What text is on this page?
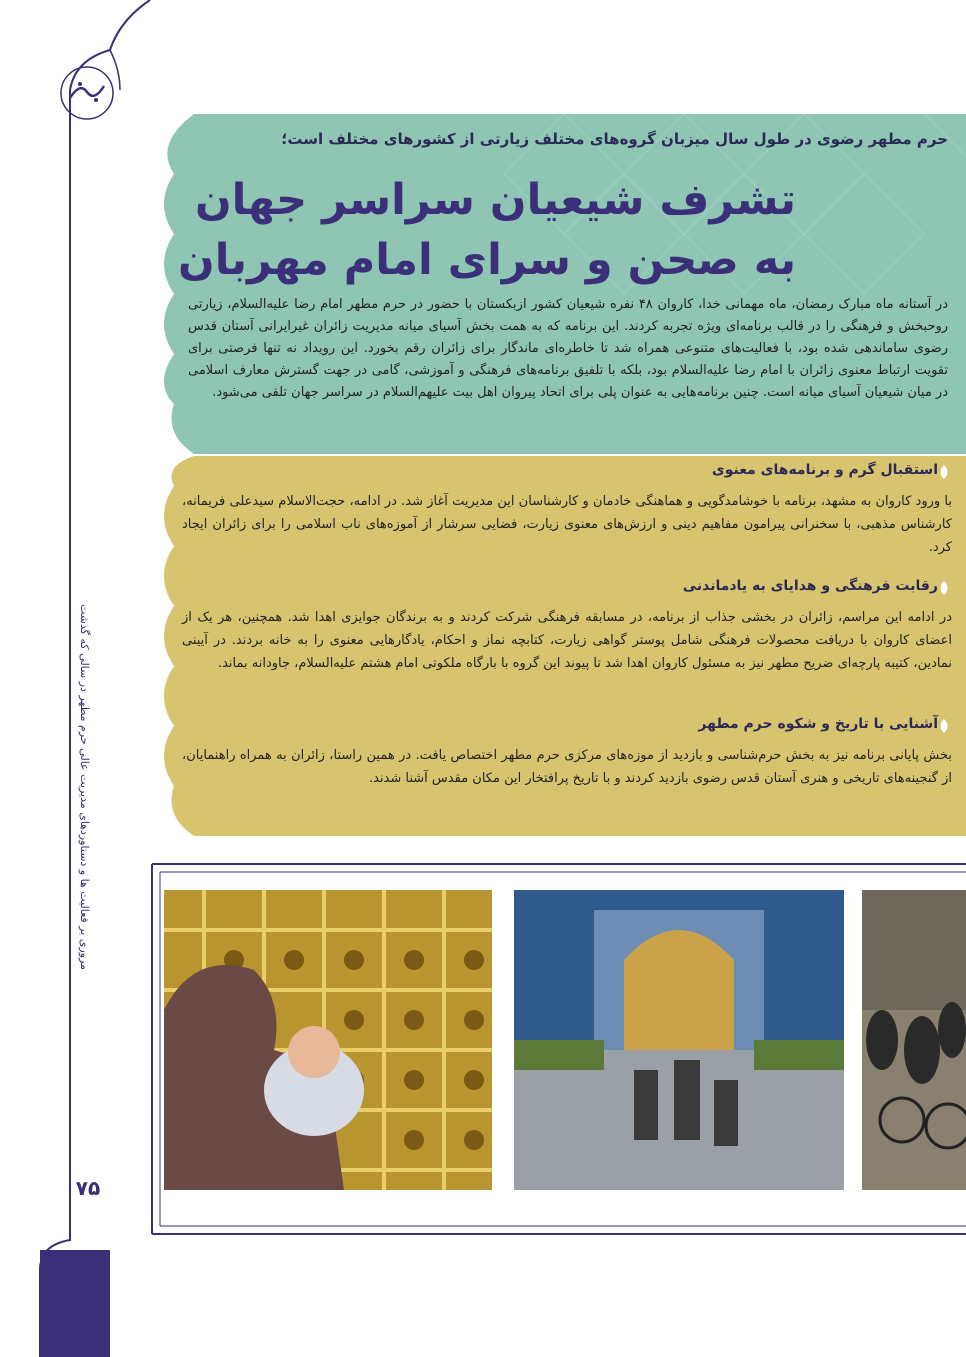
مروری بر فعالیت ها و دستاوردهای مدیریت عالی حرم مطهر در سالی که گذشت
۷۵
حرم مطهر رضوی در طول سال میزبان گروه‌های مختلف زیارتی از کشورهای مختلف است؛
تشرف شیعیان سراسر جهان
به صحن و سرای امام مهربان
در آستانه ماه مبارک رمضان، ماه مهمانی خدا، کاروان ۴۸ نفره شیعیان کشور ازبکستان با حضور در حرم مطهر امام رضا علیه‌السلام، زیارتی روحبخش و فرهنگی را در قالب برنامه‌ای ویژه تجربه کردند. این برنامه که به همت بخش آسیای میانه مدیریت زائران غیرایرانی آستان قدس رضوی ساماندهی شده بود، با فعالیت‌های متنوعی همراه شد تا خاطره‌ای ماندگار برای زائران رقم بخورد. این رویداد نه تنها فرصتی برای تقویت ارتباط معنوی زائران با امام رضا علیه‌السلام بود، بلکه با تلفیق برنامه‌های فرهنگی و آموزشی، گامی در جهت گسترش معارف اسلامی در میان شیعیان آسیای میانه است. چنین برنامه‌هایی به عنوان پلی برای اتحاد پیروان اهل بیت علیهم‌السلام در سراسر جهان تلقی می‌شود.
استقبال گرم و برنامه‌های معنوی
با ورود کاروان به مشهد، برنامه با خوشامدگویی و هماهنگی خادمان و کارشناسان این مدیریت آغاز شد. در ادامه، حجت‌الاسلام سیدعلی فریمانه، کارشناس مذهبی، با سخنرانی پیرامون مفاهیم دینی و ارزش‌های معنوی زیارت، فضایی سرشار از آموزه‌های ناب اسلامی را برای زائران ایجاد کرد.
رقابت فرهنگی و هدایای به یادماندنی
در ادامه این مراسم، زائران در بخشی جذاب از برنامه، در مسابقه فرهنگی شرکت کردند و به برندگان جوایزی اهدا شد. همچنین، هر یک از اعضای کاروان با دریافت محصولات فرهنگی شامل پوستر گواهی زیارت، کتابچه نماز و احکام، یادگارهایی معنوی را به خانه بردند. در آیینی نمادین، کتیبه پارچه‌ای ضریح مطهر نیز به مسئول کاروان اهدا شد تا پیوند این گروه با بارگاه ملکوتی امام هشتم علیه‌السلام، جاودانه بماند.
آشنایی با تاریخ و شکوه حرم مطهر
بخش پایانی برنامه نیز به بخش حرم‌شناسی و بازدید از موزه‌های مرکزی حرم مطهر اختصاص یافت. در همین راستا، زائران به همراه راهنمایان، از گنجینه‌های تاریخی و هنری آستان قدس رضوی بازدید کردند و با تاریخ پرافتخار این مکان مقدس آشنا شدند.
